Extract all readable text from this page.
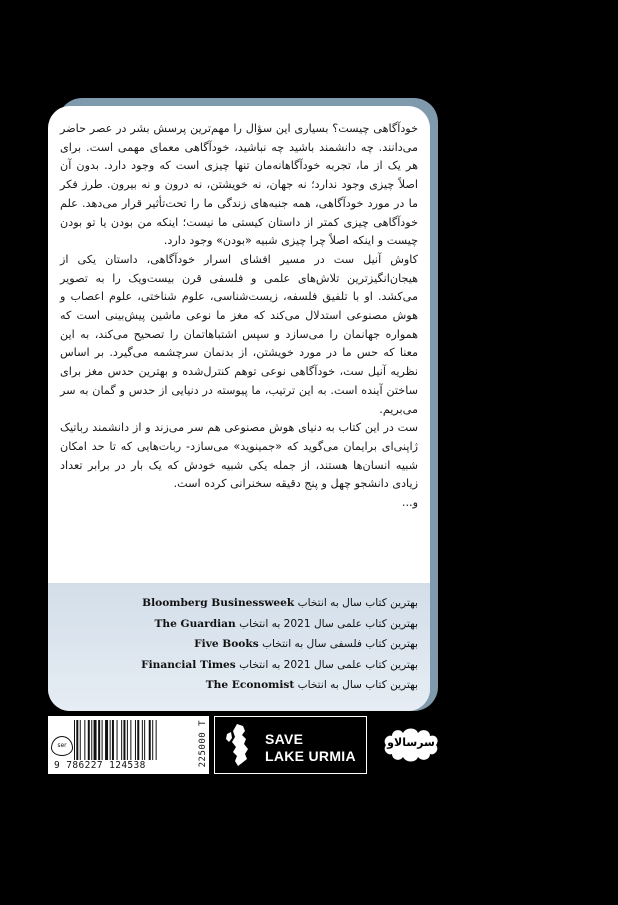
خودآگاهی چیست؟ بسیاری این سؤال را مهم‌ترین پرسش بشر در عصر حاضر می‌دانند. چه دانشمند باشید چه نباشید، خودآگاهی معمای مهمی است. برای هر یک از ما، تجربه خودآگاهانه‌مان تنها چیزی است که وجود دارد. بدون آن اصلاً چیزی وجود ندارد؛ نه جهان، نه خویشتن، نه درون و نه بیرون. طرز فکر ما در مورد خودآگاهی، همه جنبه‌های زندگی ما را تحت‌تأثیر قرار می‌دهد. علم خودآگاهی چیزی کمتر از داستان کیستی ما نیست؛ اینکه من بودن یا تو بودن چیست و اینکه اصلاً چرا چیزی شبیه «بودن» وجود دارد.

کاوش آنیل ست در مسیر افشای اسرار خودآگاهی، داستان یکی از هیجان‌انگیزترین تلاش‌های علمی و فلسفی قرن بیست‌ویک را به تصویر می‌کشد. او با تلفیق فلسفه، زیست‌شناسی، علوم شناختی، علوم اعصاب و هوش مصنوعی استدلال می‌کند که مغز ما نوعی ماشین پیش‌بینی است که همواره جهانمان را می‌سازد و سپس اشتباهاتمان را تصحیح می‌کند، به این معنا که حس ما در مورد خویشتن، از بدنمان سرچشمه می‌گیرد. بر اساس نظریه آنیل ست، خودآگاهی نوعی توهم کنترل‌شده و بهترین حدس مغز برای ساختن آینده است. به این ترتیب، ما پیوسته در دنیایی از حدس و گمان به سر می‌بریم.

ست در این کتاب به دنیای هوش مصنوعی هم سر می‌زند و از دانشمند رباتیک ژاپنی‌ای برایمان می‌گوید که «جمینوید» می‌سازد- ربات‌هایی که تا حد امکان شبیه انسان‌ها هستند، از جمله یکی شبیه خودش که یک بار در برابر تعداد زیادی دانشجو چهل و پنج دقیقه سخنرانی کرده است.

و...

بهترین کتاب سال به انتخاب Bloomberg Businessweek
بهترین کتاب علمی سال 2021 به انتخاب The Guardian
بهترین کتاب فلسفی سال به انتخاب Five Books
بهترین کتاب علمی سال 2021 به انتخاب Financial Times
بهترین کتاب سال به انتخاب The Economist
ser
9 786227 124538	225000 T	SAVE
LAKE URMIA
سرسالاو
